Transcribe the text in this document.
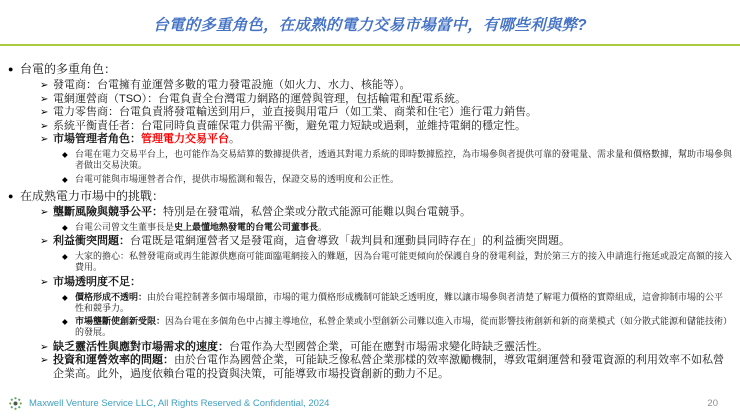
台電的多重角色，在成熟的電力交易市場當中，有哪些利與弊?
● 台電的多重角色：
➢ 發電商：台電擁有並運營多數的電力發電設施（如火力、水力、核能等）。
➢ 電網運營商（TSO）：台電負責全台灣電力網路的運營與管理，包括輸電和配電系統。
➢ 電力零售商：台電負責將發電輸送到用戶，並直接與用電戶（如工業、商業和住宅）進行電力銷售。
➢ 系統平衡責任者：台電同時負責確保電力供需平衡，避免電力短缺或過剩，並維持電網的穩定性。
➢ 市場管理者角色：管理電力交易平台。
◆ 台電在電力交易平台上，也可能作為交易結算的數據提供者，透過其對電力系統的即時數據監控，為市場參與者提供可靠的發電量、需求量和價格數據，幫助市場參與者做出交易決策。
◆ 台電可能與市場運營者合作，提供市場監測和報告，保證交易的透明度和公正性。
● 在成熟電力市場中的挑戰：
➢ 壟斷風險與競爭公平：特別是在發電端，私營企業或分散式能源可能難以與台電競爭。
◆ 台電公司曾文生董事長是史上最懂地熱發電的台電公司董事長。
➢ 利益衝突問題：台電既是電網運營者又是發電商，這會導致「裁判員和運動員同時存在」的利益衝突問題。
◆ 大家的擔心：私營發電商或再生能源供應商可能面臨電網接入的難題，因為台電可能更傾向於保護自身的發電利益，對於第三方的接入申請進行拖延或設定高額的接入費用。
➢ 市場透明度不足：
◆ 價格形成不透明：由於台電控制著多個市場環節，市場的電力價格形成機制可能缺乏透明度，難以讓市場參與者清楚了解電力價格的實際組成，這會抑制市場的公平性和競爭力。
◆ 市場壟斷使創新受限：因為台電在多個角色中占據主導地位，私營企業或小型創新公司難以進入市場，從而影響技術創新和新的商業模式（如分散式能源和儲能技術）的發展。
➢ 缺乏靈活性與應對市場需求的速度：台電作為大型國營企業，可能在應對市場需求變化時缺乏靈活性。
➢ 投資和運營效率的問題：由於台電作為國營企業，可能缺乏像私營企業那樣的效率激勵機制，導致電網運營和發電資源的利用效率不如私營企業高。此外，過度依賴台電的投資與決策，可能導致市場投資創新的動力不足。
Maxwell Venture Service LLC, All Rights Reserved & Confidential, 2024	20
